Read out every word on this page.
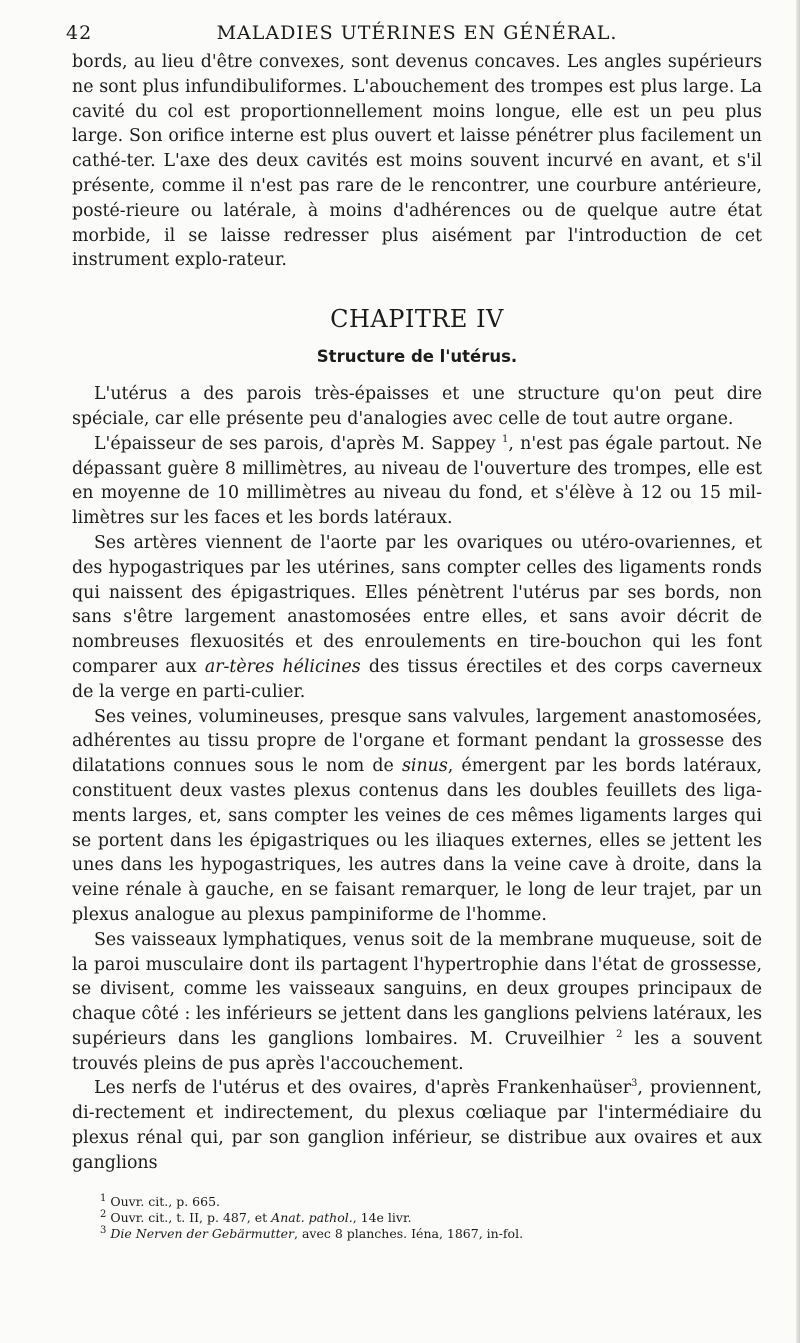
42	MALADIES UTÉRINES EN GÉNÉRAL.

bords, au lieu d'être convexes, sont devenus concaves. Les angles supérieurs ne sont plus infundibuliformes. L'abouchement des trompes est plus large. La cavité du col est proportionnellement moins longue, elle est un peu plus large. Son orifice interne est plus ouvert et laisse pénétrer plus facilement un cathé-ter. L'axe des deux cavités est moins souvent incurvé en avant, et s'il présente, comme il n'est pas rare de le rencontrer, une courbure antérieure, posté-rieure ou latérale, à moins d'adhérences ou de quelque autre état morbide, il se laisse redresser plus aisément par l'introduction de cet instrument explo-rateur.

CHAPITRE IV
Structure de l'utérus.

L'utérus a des parois très-épaisses et une structure qu'on peut dire spéciale, car elle présente peu d'analogies avec celle de tout autre organe.

L'épaisseur de ses parois, d'après M. Sappey $^1$, n'est pas égale partout. Ne dépassant guère 8 millimètres, au niveau de l'ouverture des trompes, elle est en moyenne de 10 millimètres au niveau du fond, et s'élève à 12 ou 15 mil-limètres sur les faces et les bords latéraux.

Ses artères viennent de l'aorte par les ovariques ou utéro-ovariennes, et des hypogastriques par les utérines, sans compter celles des ligaments ronds qui naissent des épigastriques. Elles pénètrent l'utérus par ses bords, non sans s'être largement anastomosées entre elles, et sans avoir décrit de nombreuses flexuosités et des enroulements en tire-bouchon qui les font comparer aux ar-tères hélicines des tissus érectiles et des corps caverneux de la verge en parti-culier.

Ses veines, volumineuses, presque sans valvules, largement anastomosées, adhérentes au tissu propre de l'organe et formant pendant la grossesse des dilatations connues sous le nom de sinus, émergent par les bords latéraux, constituent deux vastes plexus contenus dans les doubles feuillets des liga-ments larges, et, sans compter les veines de ces mêmes ligaments larges qui se portent dans les épigastriques ou les iliaques externes, elles se jettent les unes dans les hypogastriques, les autres dans la veine cave à droite, dans la veine rénale à gauche, en se faisant remarquer, le long de leur trajet, par un plexus analogue au plexus pampiniforme de l'homme.

Ses vaisseaux lymphatiques, venus soit de la membrane muqueuse, soit de la paroi musculaire dont ils partagent l'hypertrophie dans l'état de grossesse, se divisent, comme les vaisseaux sanguins, en deux groupes principaux de chaque côté : les inférieurs se jettent dans les ganglions pelviens latéraux, les supérieurs dans les ganglions lombaires. M. Cruveilhier $^2$ les a souvent trouvés pleins de pus après l'accouchement.

Les nerfs de l'utérus et des ovaires, d'après Frankenhaüser$^3$, proviennent, di-rectement et indirectement, du plexus cœliaque par l'intermédiaire du plexus rénal qui, par son ganglion inférieur, se distribue aux ovaires et aux ganglions

$^1$ Ouvr. cit., p. 665.
$^2$ Ouvr. cit., t. II, p. 487, et Anat. pathol., 14e livr.
$^3$ Die Nerven der Gebärmutter, avec 8 planches. Iéna, 1867, in-fol.
